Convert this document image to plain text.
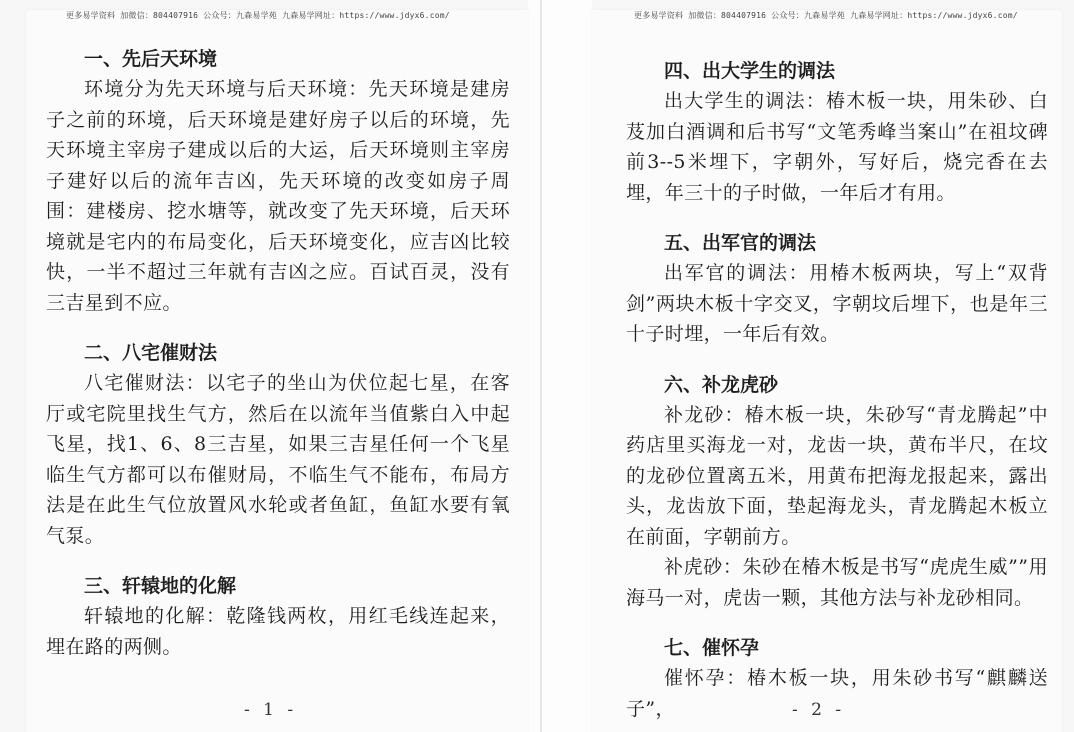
更多易学资料 加微信：804407916 公众号：九森易学苑 九森易学网址：https://www.jdyx6.com/

一、先后天环境

环境分为先天环境与后天环境：先天环境是建房子之前的环境，后天环境是建好房子以后的环境，先天环境主宰房子建成以后的大运，后天环境则主宰房子建好以后的流年吉凶，先天环境的改变如房子周围：建楼房、挖水塘等，就改变了先天环境，后天环境就是宅内的布局变化，后天环境变化，应吉凶比较快，一半不超过三年就有吉凶之应。百试百灵，没有三吉星到不应。

二、八宅催财法

八宅催财法：以宅子的坐山为伏位起七星，在客厅或宅院里找生气方，然后在以流年当值紫白入中起飞星，找1、6、8三吉星，如果三吉星任何一个飞星临生气方都可以布催财局，不临生气不能布，布局方法是在此生气位放置风水轮或者鱼缸，鱼缸水要有氧气泵。

三、轩辕地的化解

轩辕地的化解：乾隆钱两枚，用红毛线连起来，埋在路的两侧。

- 1 -
更多易学资料 加微信：804407916 公众号：九森易学苑 九森易学网址：https://www.jdyx6.com/

四、出大学生的调法

出大学生的调法：椿木板一块，用朱砂、白芨加白酒调和后书写“文笔秀峰当案山”在祖坟碑前3--5米埋下，字朝外，写好后，烧完香在去埋，年三十的子时做，一年后才有用。

五、出军官的调法

出军官的调法：用椿木板两块，写上“双背剑”两块木板十字交叉，字朝坟后埋下，也是年三十子时埋，一年后有效。

六、补龙虎砂

补龙砂：椿木板一块，朱砂写“青龙腾起”中药店里买海龙一对，龙齿一块，黄布半尺，在坟的龙砂位置离五米，用黄布把海龙报起来，露出头，龙齿放下面，垫起海龙头，青龙腾起木板立在前面，字朝前方。

补虎砂：朱砂在椿木板是书写“虎虎生威””用海马一对，虎齿一颗，其他方法与补龙砂相同。

七、催怀孕

催怀孕：椿木板一块，用朱砂书写“麒麟送子”，	- 2 -
